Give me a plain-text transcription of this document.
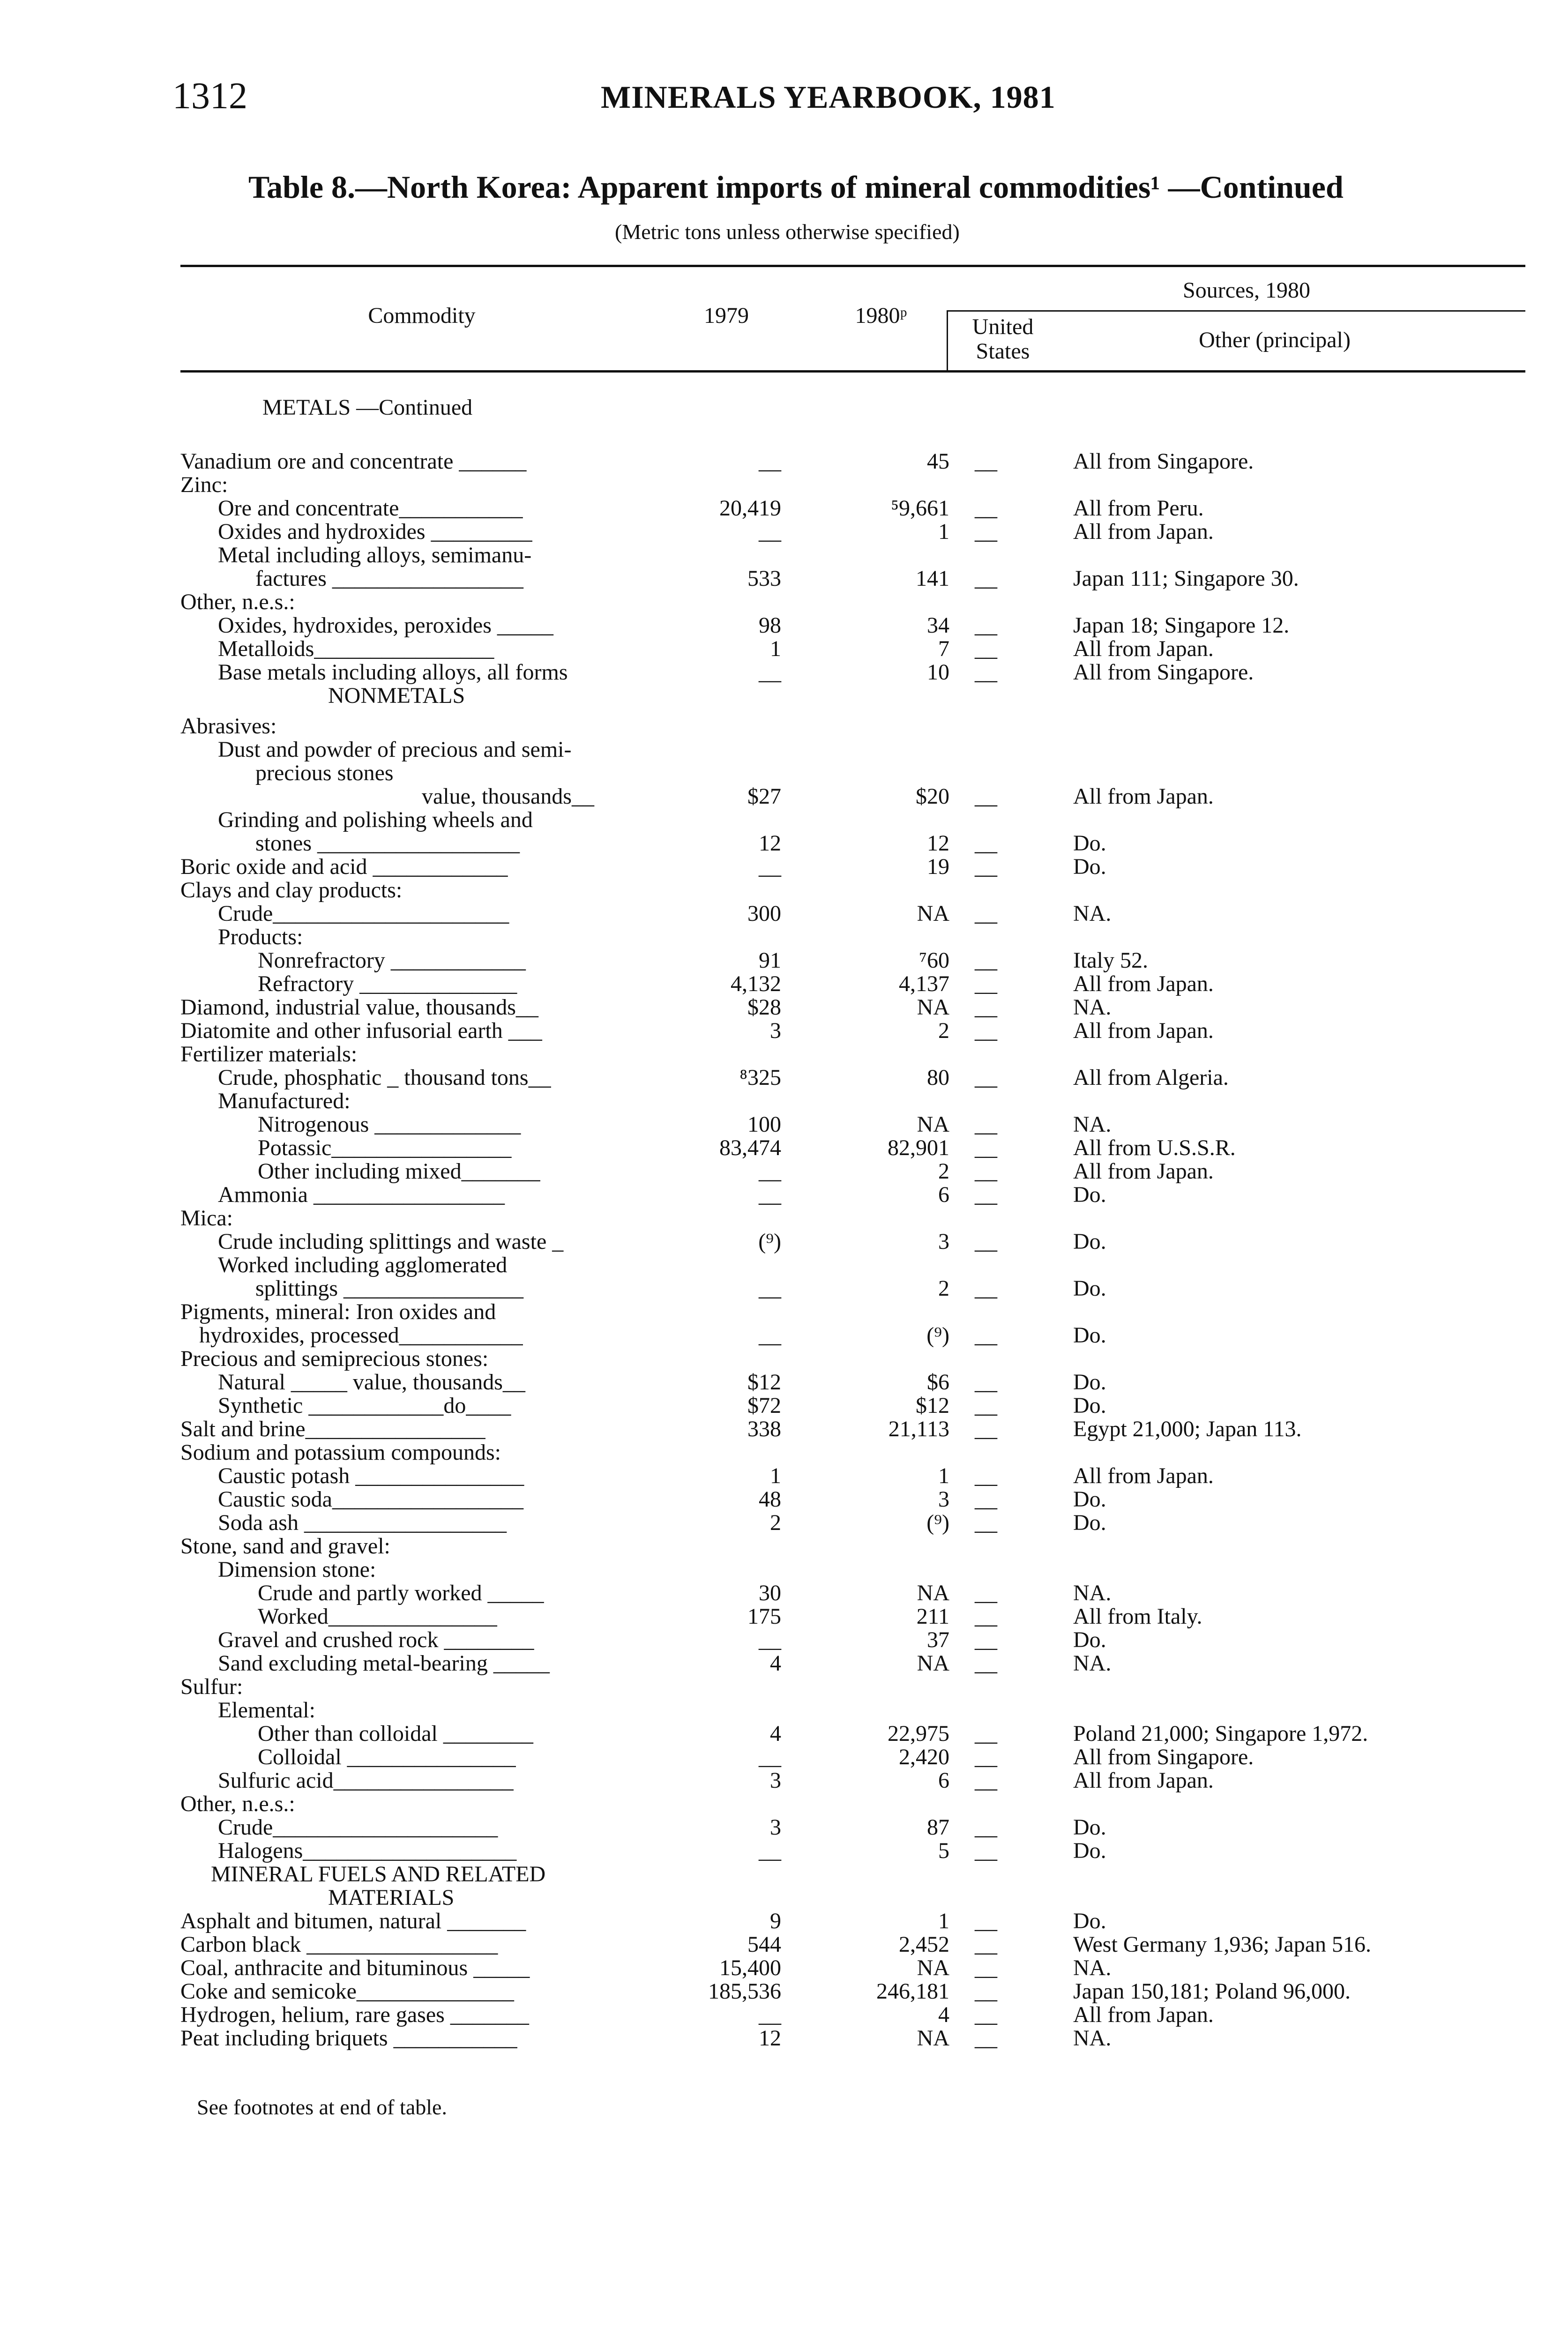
1312	MINERALS YEARBOOK, 1981
Table 8.—North Korea: Apparent imports of mineral commodities¹ —Continued
(Metric tons unless otherwise specified)
Commodity	1979	1980ᵖ
Sources, 1980
United States	Other (principal)
METALS —Continued
Vanadium ore and concentrate ______	__	45 __	All from Singapore.
Zinc:
Ore and concentrate___________	20,419	⁵9,661 __	All from Peru.
Oxides and hydroxides _________	__	1 __	All from Japan.
Metal including alloys, semimanu-
factures _________________	533	141 __	Japan 111; Singapore 30.
Other, n.e.s.:
Oxides, hydroxides, peroxides _____	98	34 __	Japan 18; Singapore 12.
Metalloids________________	1	7 __	All from Japan.
Base metals including alloys, all forms	__	10 __	All from Singapore.
NONMETALS
Abrasives:
Dust and powder of precious and semi-
precious stones
value, thousands__	$27	$20 __	All from Japan.
Grinding and polishing wheels and
stones __________________	12	12 __	Do.
Boric oxide and acid ____________	__	19 __	Do.
Clays and clay products:
Crude_____________________	300	NA __	NA.
Products:
Nonrefractory ____________	91	⁷60 __	Italy 52.
Refractory ______________	4,132	4,137 __	All from Japan.
Diamond, industrial value, thousands__	$28	NA __	NA.
Diatomite and other infusorial earth ___	3	2 __	All from Japan.
Fertilizer materials:
Crude, phosphatic _ thousand tons__	⁸325	80 __	All from Algeria.
Manufactured:
Nitrogenous _____________	100	NA __	NA.
Potassic________________	83,474	82,901 __	All from U.S.S.R.
Other including mixed_______	__	2 __	All from Japan.
Ammonia _________________	__	6 __	Do.
Mica:
Crude including splittings and waste _	(⁹)	3 __	Do.
Worked including agglomerated
splittings ________________	__	2 __	Do.
Pigments, mineral: Iron oxides and
hydroxides, processed___________	__	(⁹) __	Do.
Precious and semiprecious stones:
Natural _____ value, thousands__	$12	$6 __	Do.
Synthetic ____________do____	$72	$12 __	Do.
Salt and brine________________	338	21,113 __	Egypt 21,000; Japan 113.
Sodium and potassium compounds:
Caustic potash _______________	1	1 __	All from Japan.
Caustic soda_________________	48	3 __	Do.
Soda ash __________________	2	(⁹) __	Do.
Stone, sand and gravel:
Dimension stone:
Crude and partly worked _____	30	NA __	NA.
Worked_______________	175	211 __	All from Italy.
Gravel and crushed rock ________	__	37 __	Do.
Sand excluding metal-bearing _____	4	NA __	NA.
Sulfur:
Elemental:
Other than colloidal ________	4	22,975 __	Poland 21,000; Singapore 1,972.
Colloidal _______________	__	2,420 __	All from Singapore.
Sulfuric acid________________	3	6 __	All from Japan.
Other, n.e.s.:
Crude____________________	3	87 __	Do.
Halogens___________________	__	5 __	Do.
MINERAL FUELS AND RELATED
MATERIALS
Asphalt and bitumen, natural _______	9	1 __	Do.
Carbon black _________________	544	2,452 __	West Germany 1,936; Japan 516.
Coal, anthracite and bituminous _____	15,400	NA __	NA.
Coke and semicoke______________	185,536	246,181 __	Japan 150,181; Poland 96,000.
Hydrogen, helium, rare gases _______	__	4 __	All from Japan.
Peat including briquets ___________	12	NA __	NA.
See footnotes at end of table.
